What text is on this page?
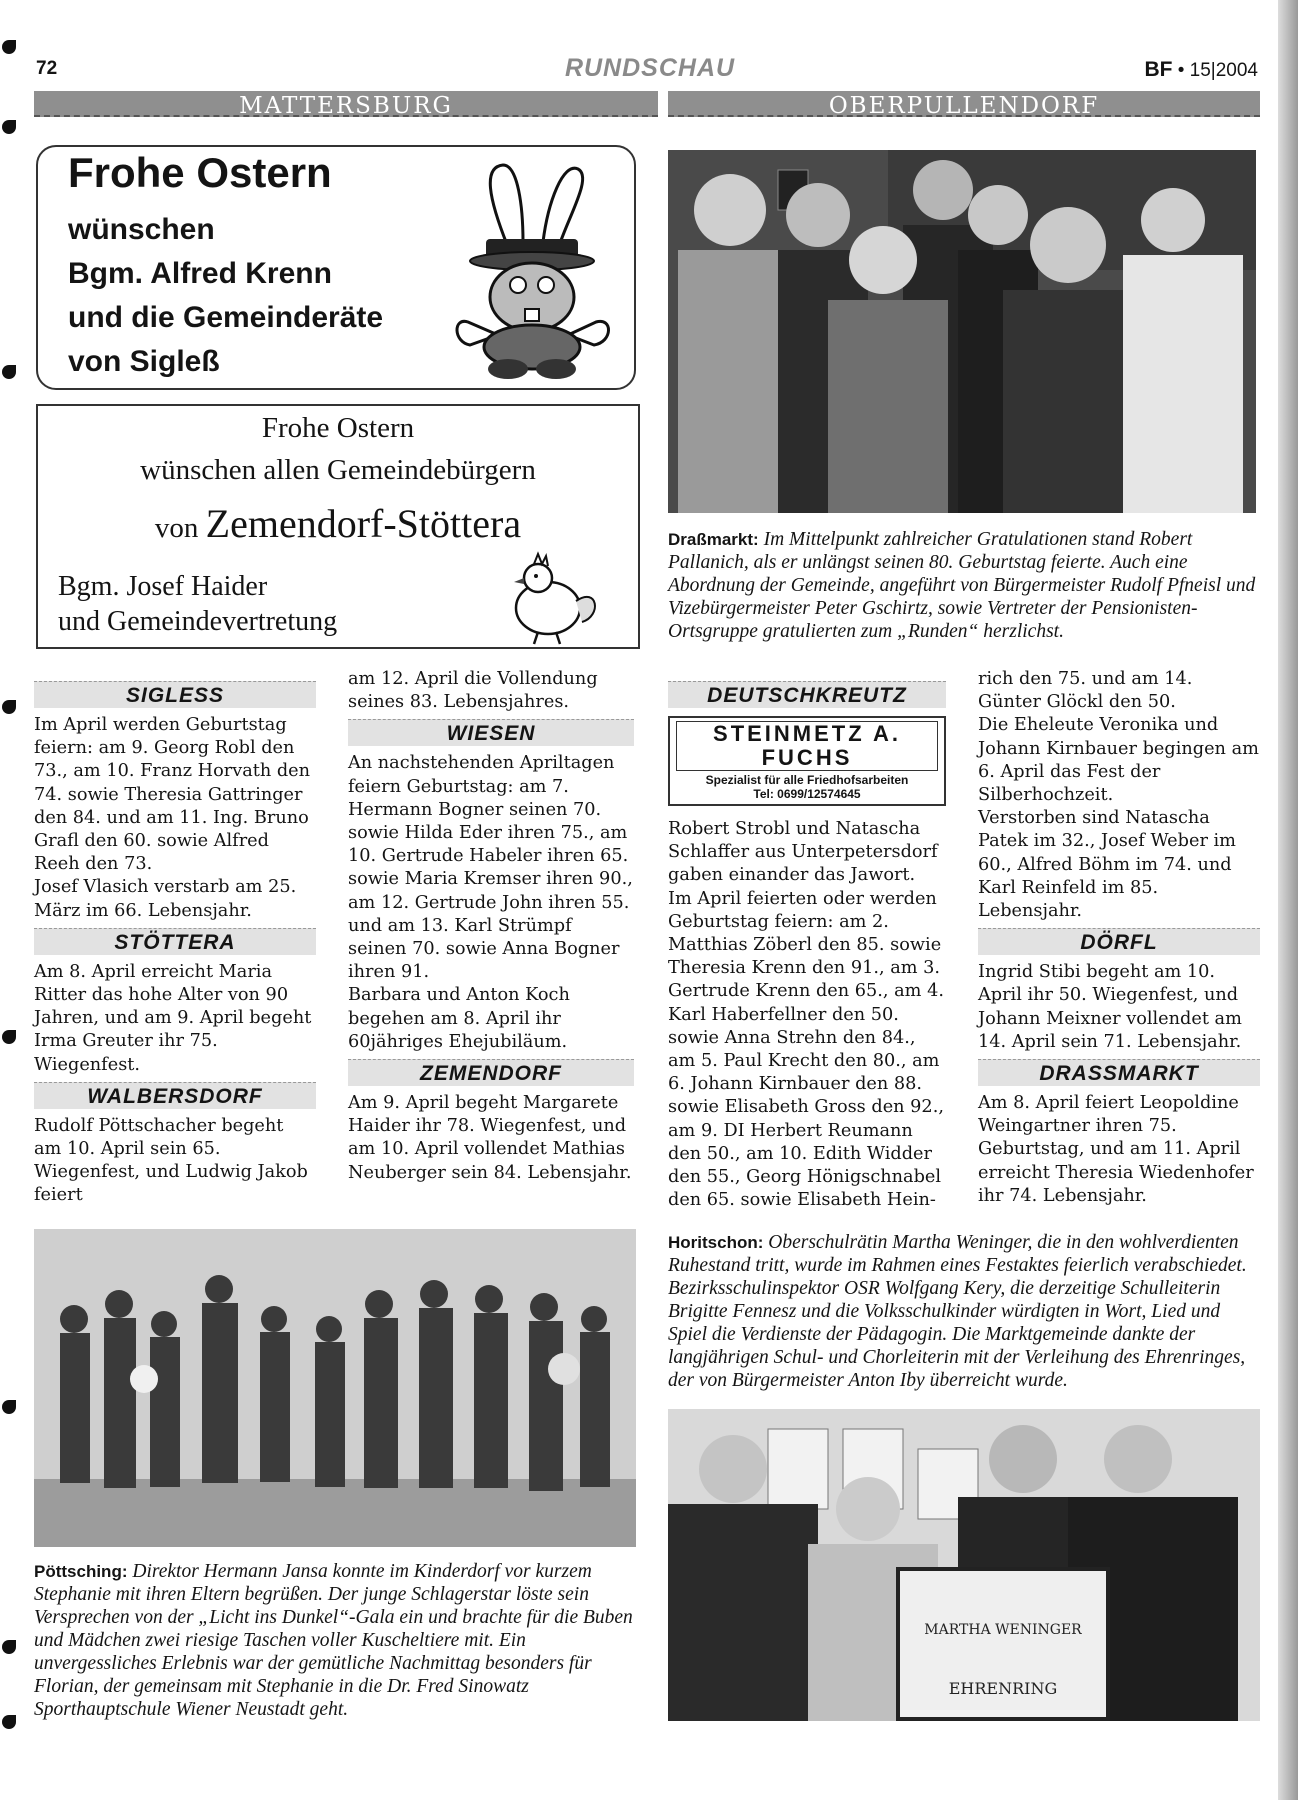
72	RUNDSCHAU	BF • 15|2004
MATTERSBURG	OBERPULLENDORF
Frohe Ostern
wünschen
Bgm. Alfred Krenn
und die Gemeinderäte
von Sigleß
Frohe Ostern
wünschen allen Gemeindebürgern
von Zemendorf-Stöttera
Bgm. Josef Haider
und Gemeindevertretung
Draßmarkt: Im Mittelpunkt zahlreicher Gratulationen stand Robert Pallanich, als er unlängst seinen 80. Geburtstag feierte. Auch eine Abordnung der Gemeinde, angeführt von Bürgermeister Rudolf Pfneisl und Vizebürgermeister Peter Gschirtz, sowie Vertreter der Pensionisten-Ortsgruppe gratulierten zum „Runden“ herzlichst.
SIGLESS

Im April werden Geburtstag feiern: am 9. Georg Robl den 73., am 10. Franz Horvath den 74. sowie Theresia Gattringer den 84. und am 11. Ing. Bruno Grafl den 60. sowie Alfred Reeh den 73.

Josef Vlasich verstarb am 25. März im 66. Lebensjahr.

STÖTTERA

Am 8. April erreicht Maria Ritter das hohe Alter von 90 Jahren, und am 9. April begeht Irma Greuter ihr 75. Wiegenfest.

WALBERSDORF

Rudolf Pöttschacher begeht am 10. April sein 65. Wiegenfest, und Ludwig Jakob feiert

am 12. April die Vollendung seines 83. Lebensjahres.

WIESEN

An nachstehenden Apriltagen feiern Geburtstag: am 7. Hermann Bogner seinen 70. sowie Hilda Eder ihren 75., am 10. Gertrude Habeler ihren 65. sowie Maria Kremser ihren 90., am 12. Gertrude John ihren 55. und am 13. Karl Strümpf seinen 70. sowie Anna Bogner ihren 91.

Barbara und Anton Koch begehen am 8. April ihr 60jähriges Ehejubiläum.

ZEMENDORF

Am 9. April begeht Margarete Haider ihr 78. Wiegenfest, und am 10. April vollendet Mathias Neuberger sein 84. Lebensjahr.

DEUTSCHKREUTZ
STEINMETZ A. FUCHS
Spezialist für alle Friedhofsarbeiten
Tel: 0699/12574645

Robert Strobl und Natascha Schlaffer aus Unterpetersdorf gaben einander das Jawort.

Im April feierten oder werden Geburtstag feiern: am 2. Matthias Zöberl den 85. sowie Theresia Krenn den 91., am 3. Gertrude Krenn den 65., am 4. Karl Haberfellner den 50. sowie Anna Strehn den 84., am 5. Paul Krecht den 80., am 6. Johann Kirnbauer den 88. sowie Elisabeth Gross den 92., am 9. DI Herbert Reumann den 50., am 10. Edith Widder den 55., Georg Hönigschnabel den 65. sowie Elisabeth Hein-

rich den 75. und am 14. Günter Glöckl den 50.

Die Eheleute Veronika und Johann Kirnbauer begingen am 6. April das Fest der Silberhochzeit.

Verstorben sind Natascha Patek im 32., Josef Weber im 60., Alfred Böhm im 74. und Karl Reinfeld im 85. Lebensjahr.

DÖRFL

Ingrid Stibi begeht am 10. April ihr 50. Wiegenfest, und Johann Meixner vollendet am 14. April sein 71. Lebensjahr.

DRASSMARKT

Am 8. April feiert Leopoldine Weingartner ihren 75. Geburtstag, und am 11. April erreicht Theresia Wiedenhofer ihr 74. Lebensjahr.

Pöttsching: Direktor Hermann Jansa konnte im Kinderdorf vor kurzem Stephanie mit ihren Eltern begrüßen. Der junge Schlagerstar löste sein Versprechen von der „Licht ins Dunkel“-Gala ein und brachte für die Buben und Mädchen zwei riesige Taschen voller Kuscheltiere mit. Ein unvergessliches Erlebnis war der gemütliche Nachmittag besonders für Florian, der gemeinsam mit Stephanie in die Dr. Fred Sinowatz Sporthauptschule Wiener Neustadt geht.
Horitschon: Oberschulrätin Martha Weninger, die in den wohlverdienten Ruhestand tritt, wurde im Rahmen eines Festaktes feierlich verabschiedet. Bezirksschulinspektor OSR Wolfgang Kery, die derzeitige Schulleiterin Brigitte Fennesz und die Volksschulkinder würdigten in Wort, Lied und Spiel die Verdienste der Pädagogin. Die Marktgemeinde dankte der langjährigen Schul- und Chorleiterin mit der Verleihung des Ehrenringes, der von Bürgermeister Anton Iby überreicht wurde.
MARTHA WENINGER
EHRENRING
